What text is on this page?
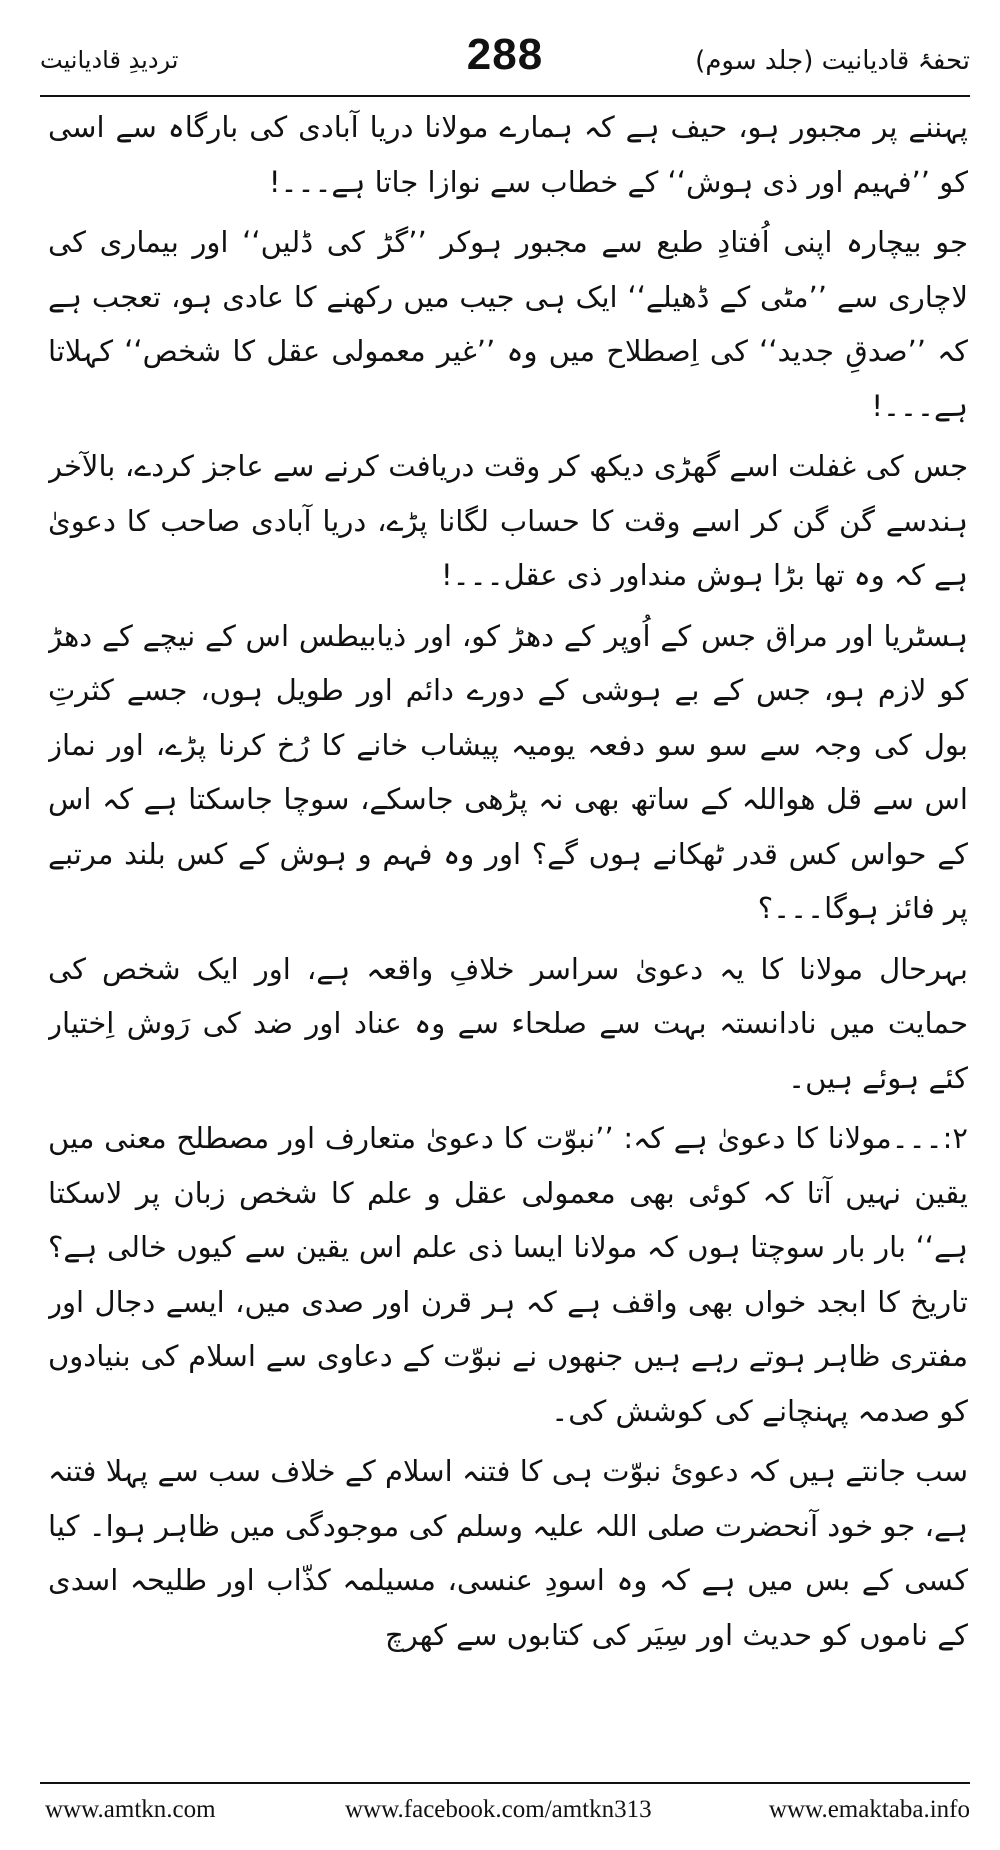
تحفۂ قادیانیت (جلد سوم)
288
تردیدِ قادیانیت

پہننے پر مجبور ہو، حیف ہے کہ ہمارے مولانا دریا آبادی کی بارگاہ سے اسی کو ’’فہیم اور ذی ہوش‘‘ کے خطاب سے نوازا جاتا ہے۔۔۔!

جو بیچارہ اپنی اُفتادِ طبع سے مجبور ہوکر ’’گڑ کی ڈلیں‘‘ اور بیماری کی لاچاری سے ’’مٹی کے ڈھیلے‘‘ ایک ہی جیب میں رکھنے کا عادی ہو، تعجب ہے کہ ’’صدقِ جدید‘‘ کی اِصطلاح میں وہ ’’غیر معمولی عقل کا شخص‘‘ کہلاتا ہے۔۔۔!

جس کی غفلت اسے گھڑی دیکھ کر وقت دریافت کرنے سے عاجز کردے، بالآخر ہندسے گن گن کر اسے وقت کا حساب لگانا پڑے، دریا آبادی صاحب کا دعویٰ ہے کہ وہ تھا بڑا ہوش منداور ذی عقل۔۔۔!

ہسٹریا اور مراق جس کے اُوپر کے دھڑ کو، اور ذیابیطس اس کے نیچے کے دھڑ کو لازم ہو، جس کے بے ہوشی کے دورے دائم اور طویل ہوں، جسے کثرتِ بول کی وجہ سے سو سو دفعہ یومیہ پیشاب خانے کا رُخ کرنا پڑے، اور نماز اس سے قل ھواللہ کے ساتھ بھی نہ پڑھی جاسکے، سوچا جاسکتا ہے کہ اس کے حواس کس قدر ٹھکانے ہوں گے؟ اور وہ فہم و ہوش کے کس بلند مرتبے پر فائز ہوگا۔۔۔؟

بہرحال مولانا کا یہ دعویٰ سراسر خلافِ واقعہ ہے، اور ایک شخص کی حمایت میں نادانستہ بہت سے صلحاء سے وہ عناد اور ضد کی رَوش اِختیار کئے ہوئے ہیں۔

۲:۔۔۔مولانا کا دعویٰ ہے کہ: ’’نبوّت کا دعویٰ متعارف اور مصطلح معنی میں یقین نہیں آتا کہ کوئی بھی معمولی عقل و علم کا شخص زبان پر لاسکتا ہے‘‘ بار بار سوچتا ہوں کہ مولانا ایسا ذی علم اس یقین سے کیوں خالی ہے؟ تاریخ کا ابجد خواں بھی واقف ہے کہ ہر قرن اور صدی میں، ایسے دجال اور مفتری ظاہر ہوتے رہے ہیں جنھوں نے نبوّت کے دعاوی سے اسلام کی بنیادوں کو صدمہ پہنچانے کی کوشش کی۔

سب جانتے ہیں کہ دعویٔ نبوّت ہی کا فتنہ اسلام کے خلاف سب سے پہلا فتنہ ہے، جو خود آنحضرت صلی اللہ علیہ وسلم کی موجودگی میں ظاہر ہوا۔ کیا کسی کے بس میں ہے کہ وہ اسودِ عنسی، مسیلمہ کذّاب اور طلیحہ اسدی کے ناموں کو حدیث اور سِیَر کی کتابوں سے کھرچ

www.amtkn.com	www.facebook.com/amtkn313	www.emaktaba.info
